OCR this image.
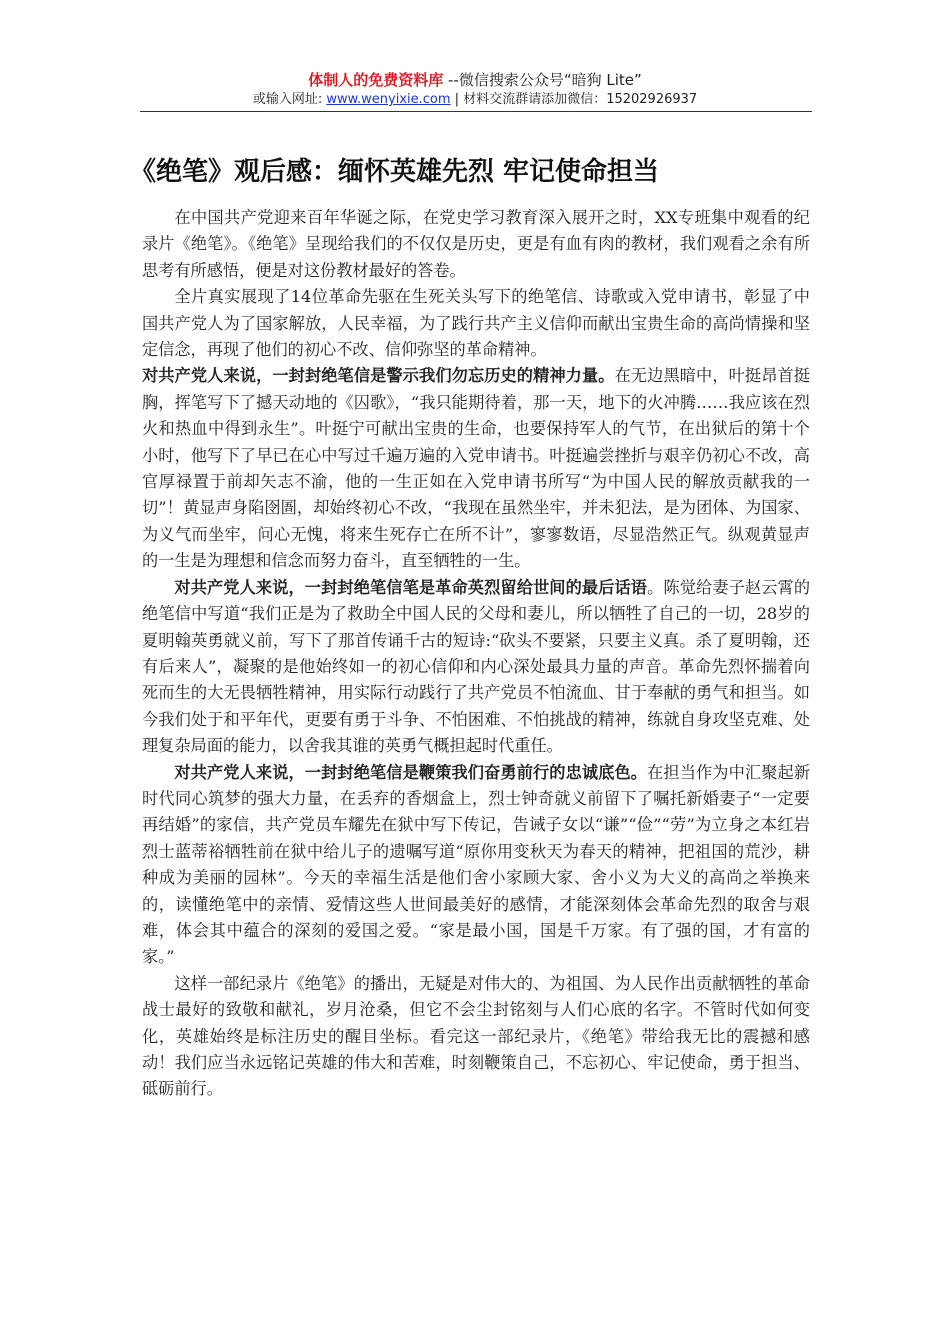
体制人的免费资料库 --微信搜索公众号“暗狗 Lite”
或输入网址: www.wenyixie.com | 材料交流群请添加微信：15202926937
《绝笔》观后感：缅怀英雄先烈 牢记使命担当

在中国共产党迎来百年华诞之际，在党史学习教育深入展开之时，XX专班集中观看的纪录片《绝笔》。《绝笔》呈现给我们的不仅仅是历史，更是有血有肉的教材，我们观看之余有所思考有所感悟，便是对这份教材最好的答卷。

全片真实展现了14位革命先驱在生死关头写下的绝笔信、诗歌或入党申请书，彰显了中国共产党人为了国家解放，人民幸福，为了践行共产主义信仰而献出宝贵生命的高尚情操和坚定信念，再现了他们的初心不改、信仰弥坚的革命精神。

对共产党人来说，一封封绝笔信是警示我们勿忘历史的精神力量。在无边黑暗中，叶挺昂首挺胸，挥笔写下了撼天动地的《囚歌》，“我只能期待着，那一天，地下的火冲腾……我应该在烈火和热血中得到永生”。叶挺宁可献出宝贵的生命，也要保持军人的气节，在出狱后的第十个小时，他写下了早已在心中写过千遍万遍的入党申请书。叶挺遍尝挫折与艰辛仍初心不改，高官厚禄置于前却矢志不渝，他的一生正如在入党申请书所写“为中国人民的解放贡献我的一切”！黄显声身陷囹圄，却始终初心不改，“我现在虽然坐牢，并未犯法，是为团体、为国家、为义气而坐牢，问心无愧，将来生死存亡在所不计”，寥寥数语，尽显浩然正气。纵观黄显声的一生是为理想和信念而努力奋斗，直至牺牲的一生。

对共产党人来说，一封封绝笔信笔是革命英烈留给世间的最后话语。陈觉给妻子赵云霄的绝笔信中写道“我们正是为了救助全中国人民的父母和妻儿，所以牺牲了自己的一切，28岁的夏明翰英勇就义前，写下了那首传诵千古的短诗:“砍头不要紧，只要主义真。杀了夏明翰，还有后来人”，凝聚的是他始终如一的初心信仰和内心深处最具力量的声音。革命先烈怀揣着向死而生的大无畏牺牲精神，用实际行动践行了共产党员不怕流血、甘于奉献的勇气和担当。如今我们处于和平年代，更要有勇于斗争、不怕困难、不怕挑战的精神，练就自身攻坚克难、处理复杂局面的能力，以舍我其谁的英勇气概担起时代重任。

对共产党人来说，一封封绝笔信是鞭策我们奋勇前行的忠诚底色。在担当作为中汇聚起新时代同心筑梦的强大力量，在丢弃的香烟盒上，烈士钟奇就义前留下了嘱托新婚妻子“一定要再结婚”的家信，共产党员车耀先在狱中写下传记，告诫子女以“谦”“俭”“劳”为立身之本红岩烈士蓝蒂裕牺牲前在狱中给儿子的遗嘱写道“原你用变秋天为春天的精神，把祖国的荒沙，耕种成为美丽的园林”。今天的幸福生活是他们舍小家顾大家、舍小义为大义的高尚之举换来的，读懂绝笔中的亲情、爱情这些人世间最美好的感情，才能深刻体会革命先烈的取舍与艰难，体会其中蕴合的深刻的爱国之爱。“家是最小国，国是千万家。有了强的国，才有富的家。”

这样一部纪录片《绝笔》的播出，无疑是对伟大的、为祖国、为人民作出贡献牺牲的革命战士最好的致敬和献礼，岁月沧桑，但它不会尘封铭刻与人们心底的名字。不管时代如何变化，英雄始终是标注历史的醒目坐标。看完这一部纪录片，《绝笔》带给我无比的震撼和感动！我们应当永远铭记英雄的伟大和苦难，时刻鞭策自己，不忘初心、牢记使命，勇于担当、砥砺前行。
